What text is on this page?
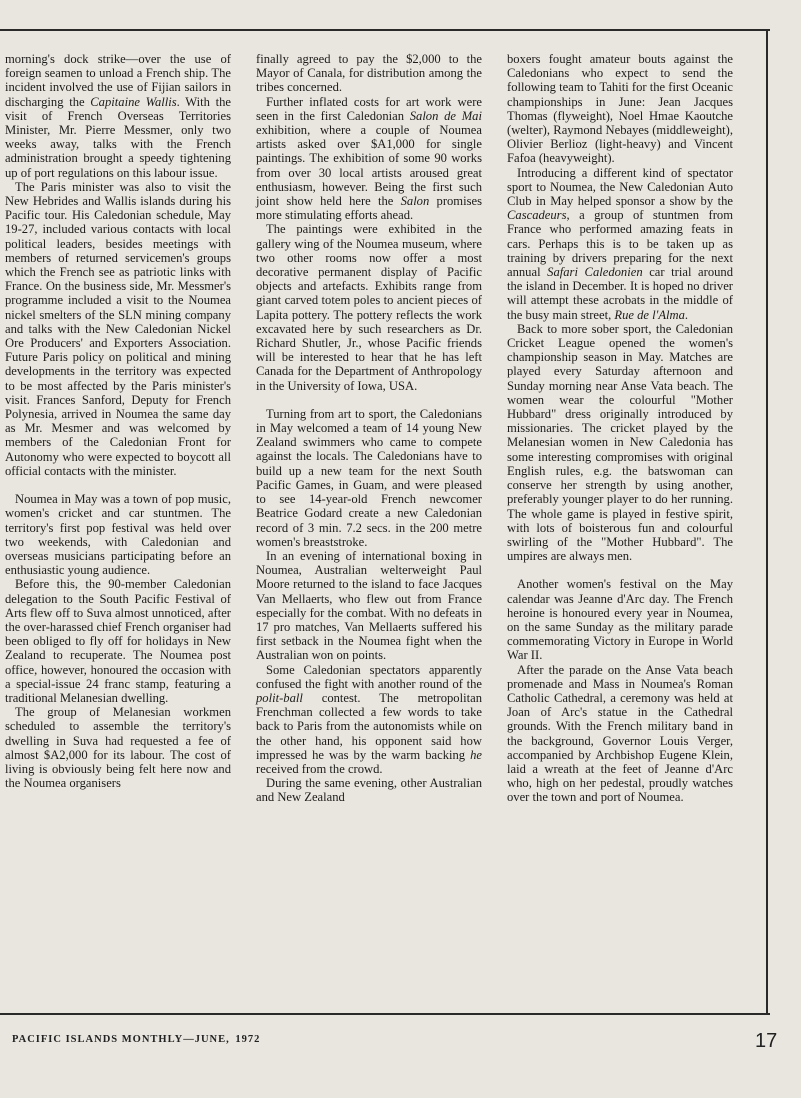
morning's dock strike—over the use of foreign seamen to unload a French ship. The incident involved the use of Fijian sailors in discharging the Capitaine Wallis. With the visit of French Overseas Territories Minister, Mr. Pierre Messmer, only two weeks away, talks with the French administration brought a speedy tightening up of port regulations on this labour issue.

The Paris minister was also to visit the New Hebrides and Wallis islands during his Pacific tour. His Caledonian schedule, May 19-27, included various contacts with local political leaders, besides meetings with members of returned servicemen's groups which the French see as patriotic links with France. On the business side, Mr. Messmer's programme included a visit to the Noumea nickel smelters of the SLN mining company and talks with the New Caledonian Nickel Ore Producers' and Exporters Association. Future Paris policy on political and mining developments in the territory was expected to be most affected by the Paris minister's visit. Frances Sanford, Deputy for French Polynesia, arrived in Noumea the same day as Mr. Mesmer and was welcomed by members of the Caledonian Front for Autonomy who were expected to boycott all official contacts with the minister.

Noumea in May was a town of pop music, women's cricket and car stuntmen. The territory's first pop festival was held over two weekends, with Caledonian and overseas musicians participating before an enthusiastic young audience.

Before this, the 90-member Caledonian delegation to the South Pacific Festival of Arts flew off to Suva almost unnoticed, after the over-harassed chief French organiser had been obliged to fly off for holidays in New Zealand to recuperate. The Noumea post office, however, honoured the occasion with a special-issue 24 franc stamp, featuring a traditional Melanesian dwelling.

The group of Melanesian workmen scheduled to assemble the territory's dwelling in Suva had requested a fee of almost $A2,000 for its labour. The cost of living is obviously being felt here now and the Noumea organisers

finally agreed to pay the $2,000 to the Mayor of Canala, for distribution among the tribes concerned.

Further inflated costs for art work were seen in the first Caledonian Salon de Mai exhibition, where a couple of Noumea artists asked over $A1,000 for single paintings. The exhibition of some 90 works from over 30 local artists aroused great enthusiasm, however. Being the first such joint show held here the Salon promises more stimulating efforts ahead.

The paintings were exhibited in the gallery wing of the Noumea museum, where two other rooms now offer a most decorative permanent display of Pacific objects and artefacts. Exhibits range from giant carved totem poles to ancient pieces of Lapita pottery. The pottery reflects the work excavated here by such researchers as Dr. Richard Shutler, Jr., whose Pacific friends will be interested to hear that he has left Canada for the Department of Anthropology in the University of Iowa, USA.

Turning from art to sport, the Caledonians in May welcomed a team of 14 young New Zealand swimmers who came to compete against the locals. The Caledonians have to build up a new team for the next South Pacific Games, in Guam, and were pleased to see 14-year-old French newcomer Beatrice Godard create a new Caledonian record of 3 min. 7.2 secs. in the 200 metre women's breaststroke.

In an evening of international boxing in Noumea, Australian welterweight Paul Moore returned to the island to face Jacques Van Mellaerts, who flew out from France especially for the combat. With no defeats in 17 pro matches, Van Mellaerts suffered his first setback in the Noumea fight when the Australian won on points.

Some Caledonian spectators apparently confused the fight with another round of the polit-ball contest. The metropolitan Frenchman collected a few words to take back to Paris from the autonomists while on the other hand, his opponent said how impressed he was by the warm backing he received from the crowd.

During the same evening, other Australian and New Zealand

boxers fought amateur bouts against the Caledonians who expect to send the following team to Tahiti for the first Oceanic championships in June: Jean Jacques Thomas (flyweight), Noel Hmae Kaoutche (welter), Raymond Nebayes (middleweight), Olivier Berlioz (light-heavy) and Vincent Fafoa (heavyweight).

Introducing a different kind of spectator sport to Noumea, the New Caledonian Auto Club in May helped sponsor a show by the Cascadeurs, a group of stuntmen from France who performed amazing feats in cars. Perhaps this is to be taken up as training by drivers preparing for the next annual Safari Caledonien car trial around the island in December. It is hoped no driver will attempt these acrobats in the middle of the busy main street, Rue de l'Alma.

Back to more sober sport, the Caledonian Cricket League opened the women's championship season in May. Matches are played every Saturday afternoon and Sunday morning near Anse Vata beach. The women wear the colourful "Mother Hubbard" dress originally introduced by missionaries. The cricket played by the Melanesian women in New Caledonia has some interesting compromises with original English rules, e.g. the batswoman can conserve her strength by using another, preferably younger player to do her running. The whole game is played in festive spirit, with lots of boisterous fun and colourful swirling of the "Mother Hubbard". The umpires are always men.

Another women's festival on the May calendar was Jeanne d'Arc day. The French heroine is honoured every year in Noumea, on the same Sunday as the military parade commemorating Victory in Europe in World War II.

After the parade on the Anse Vata beach promenade and Mass in Noumea's Roman Catholic Cathedral, a ceremony was held at Joan of Arc's statue in the Cathedral grounds. With the French military band in the background, Governor Louis Verger, accompanied by Archbishop Eugene Klein, laid a wreath at the feet of Jeanne d'Arc who, high on her pedestal, proudly watches over the town and port of Noumea.

PACIFIC ISLANDS MONTHLY—JUNE, 1972	17
